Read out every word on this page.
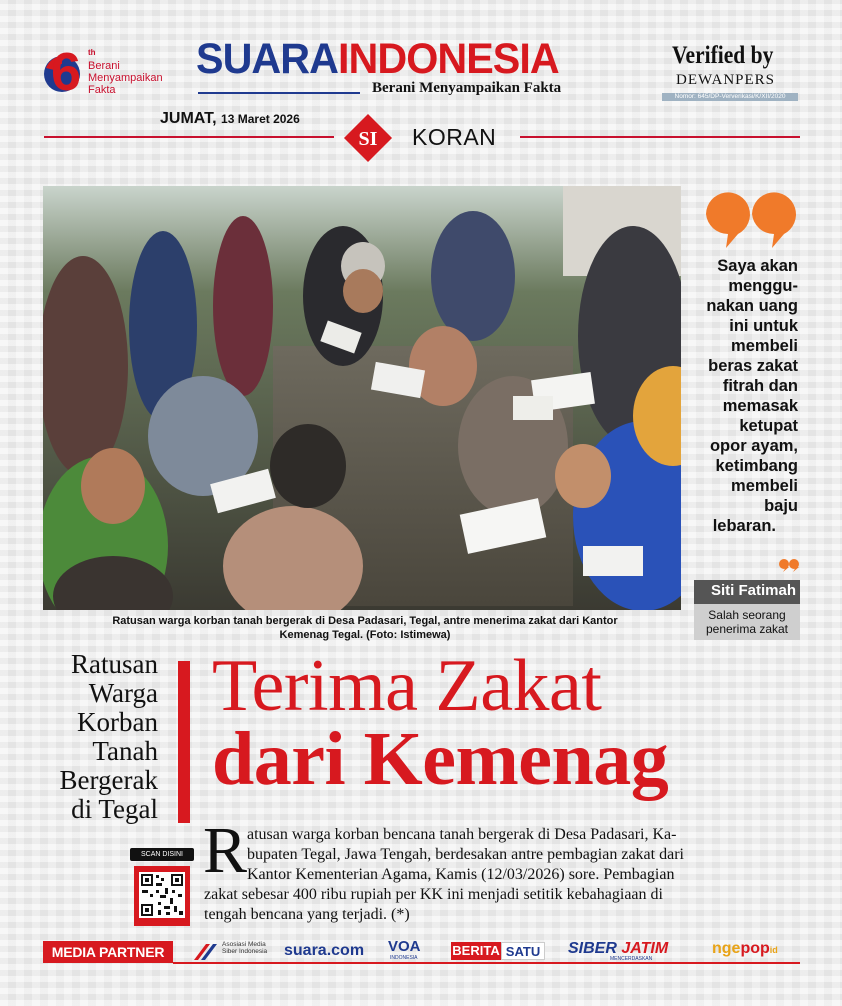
6 th
Berani Menyampaikan Fakta
SUARAINDONESIA
Berani Menyampaikan Fakta
Verified by
DEWANPERS
Nomor: 645/DP-Ververikasi/K/XII/2020
JUMAT, 13 Maret 2026
SI KORAN
Ratusan warga korban tanah bergerak di Desa Padasari, Tegal, antre menerima zakat dari Kantor
Kemenag Tegal. (Foto: Istimewa)
Saya akan
menggu-
nakan uang
ini untuk
membeli
beras zakat
fitrah dan
memasak
ketupat
opor ayam,
ketimbang
membeli
baju
lebaran.
Siti Fatimah
Salah seorang
penerima zakat
Ratusan
Warga
Korban
Tanah
Bergerak
di Tegal
Terima Zakat
dari Kemenag
R atusan warga korban bencana tanah bergerak di Desa Padasari, Ka-
bupaten Tegal, Jawa Tengah, berdesakan antre pembagian zakat dari
Kantor Kementerian Agama, Kamis (12/03/2026) sore. Pembagian
zakat sebesar 400 ribu rupiah per KK ini menjadi setitik kebahagiaan di
tengah bencana yang terjadi. (*)
SCAN DISINI
MEDIA PARTNER	Asosiasi Media Siber Indonesia	suara.com VOA
INDONESIA	BERITA SATU SIBER JATIM
MENCERDASKAN
ngepopid
